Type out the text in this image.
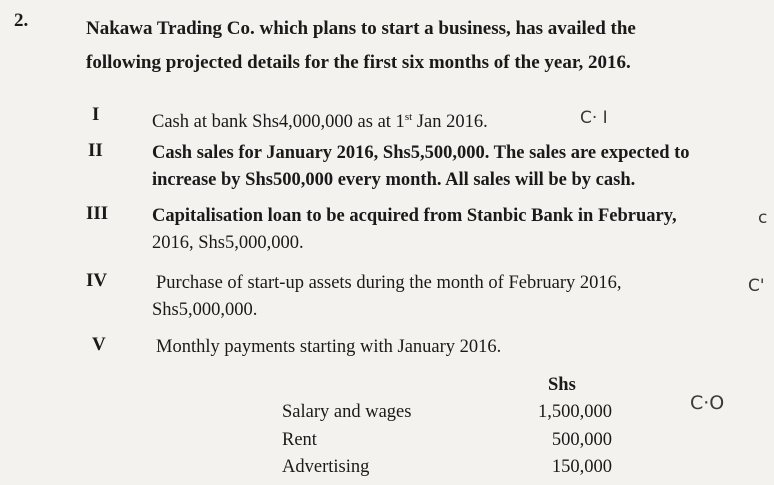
2.	Nakawa Trading Co. which plans to start a business, has availed the
following projected details for the first six months of the year, 2016.
I	Cash at bank Shs4,000,000 as at 1st Jan 2016.	C· I
II	Cash sales for January 2016, Shs5,500,000. The sales are expected to
increase by Shs500,000 every month. All sales will be by cash.
III Capitalisation loan to be acquired from Stanbic Bank in February,
2016, Shs5,000,000.
c
IV	Purchase of start-up assets during the month of February 2016,
Shs5,000,000.
C'
V	Monthly payments starting with January 2016.
Shs
Salary and wages	1,500,000
Rent	500,000
Advertising	150,000
C·O
